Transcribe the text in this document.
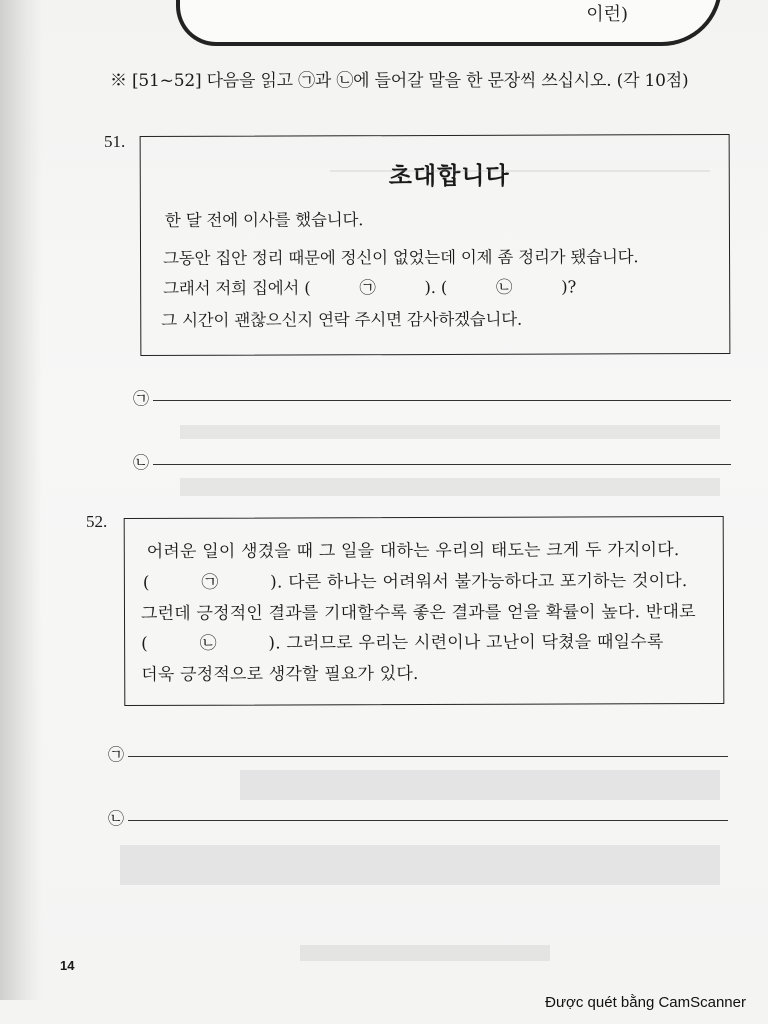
이런)
※ [51~52] 다음을 읽고 ㉠과 ㉡에 들어갈 말을 한 문장씩 쓰십시오. (각 10점)
51.
초대합니다
한 달 전에 이사를 했습니다.
그동안 집안 정리 때문에 정신이 없었는데 이제 좀 정리가 됐습니다.
그래서 저희 집에서 (　　　㉠　　　). (　　　㉡　　　)?
그 시간이 괜찮으신지 연락 주시면 감사하겠습니다.
㉠
㉡
52.
어려운 일이 생겼을 때 그 일을 대하는 우리의 태도는 크게 두 가지이다.
(　　　㉠　　　). 다른 하나는 어려워서 불가능하다고 포기하는 것이다.
그런데 긍정적인 결과를 기대할수록 좋은 결과를 얻을 확률이 높다. 반대로
(　　　㉡　　　). 그러므로 우리는 시련이나 고난이 닥쳤을 때일수록
더욱 긍정적으로 생각할 필요가 있다.
㉠
㉡
14
Được quét bằng CamScanner
